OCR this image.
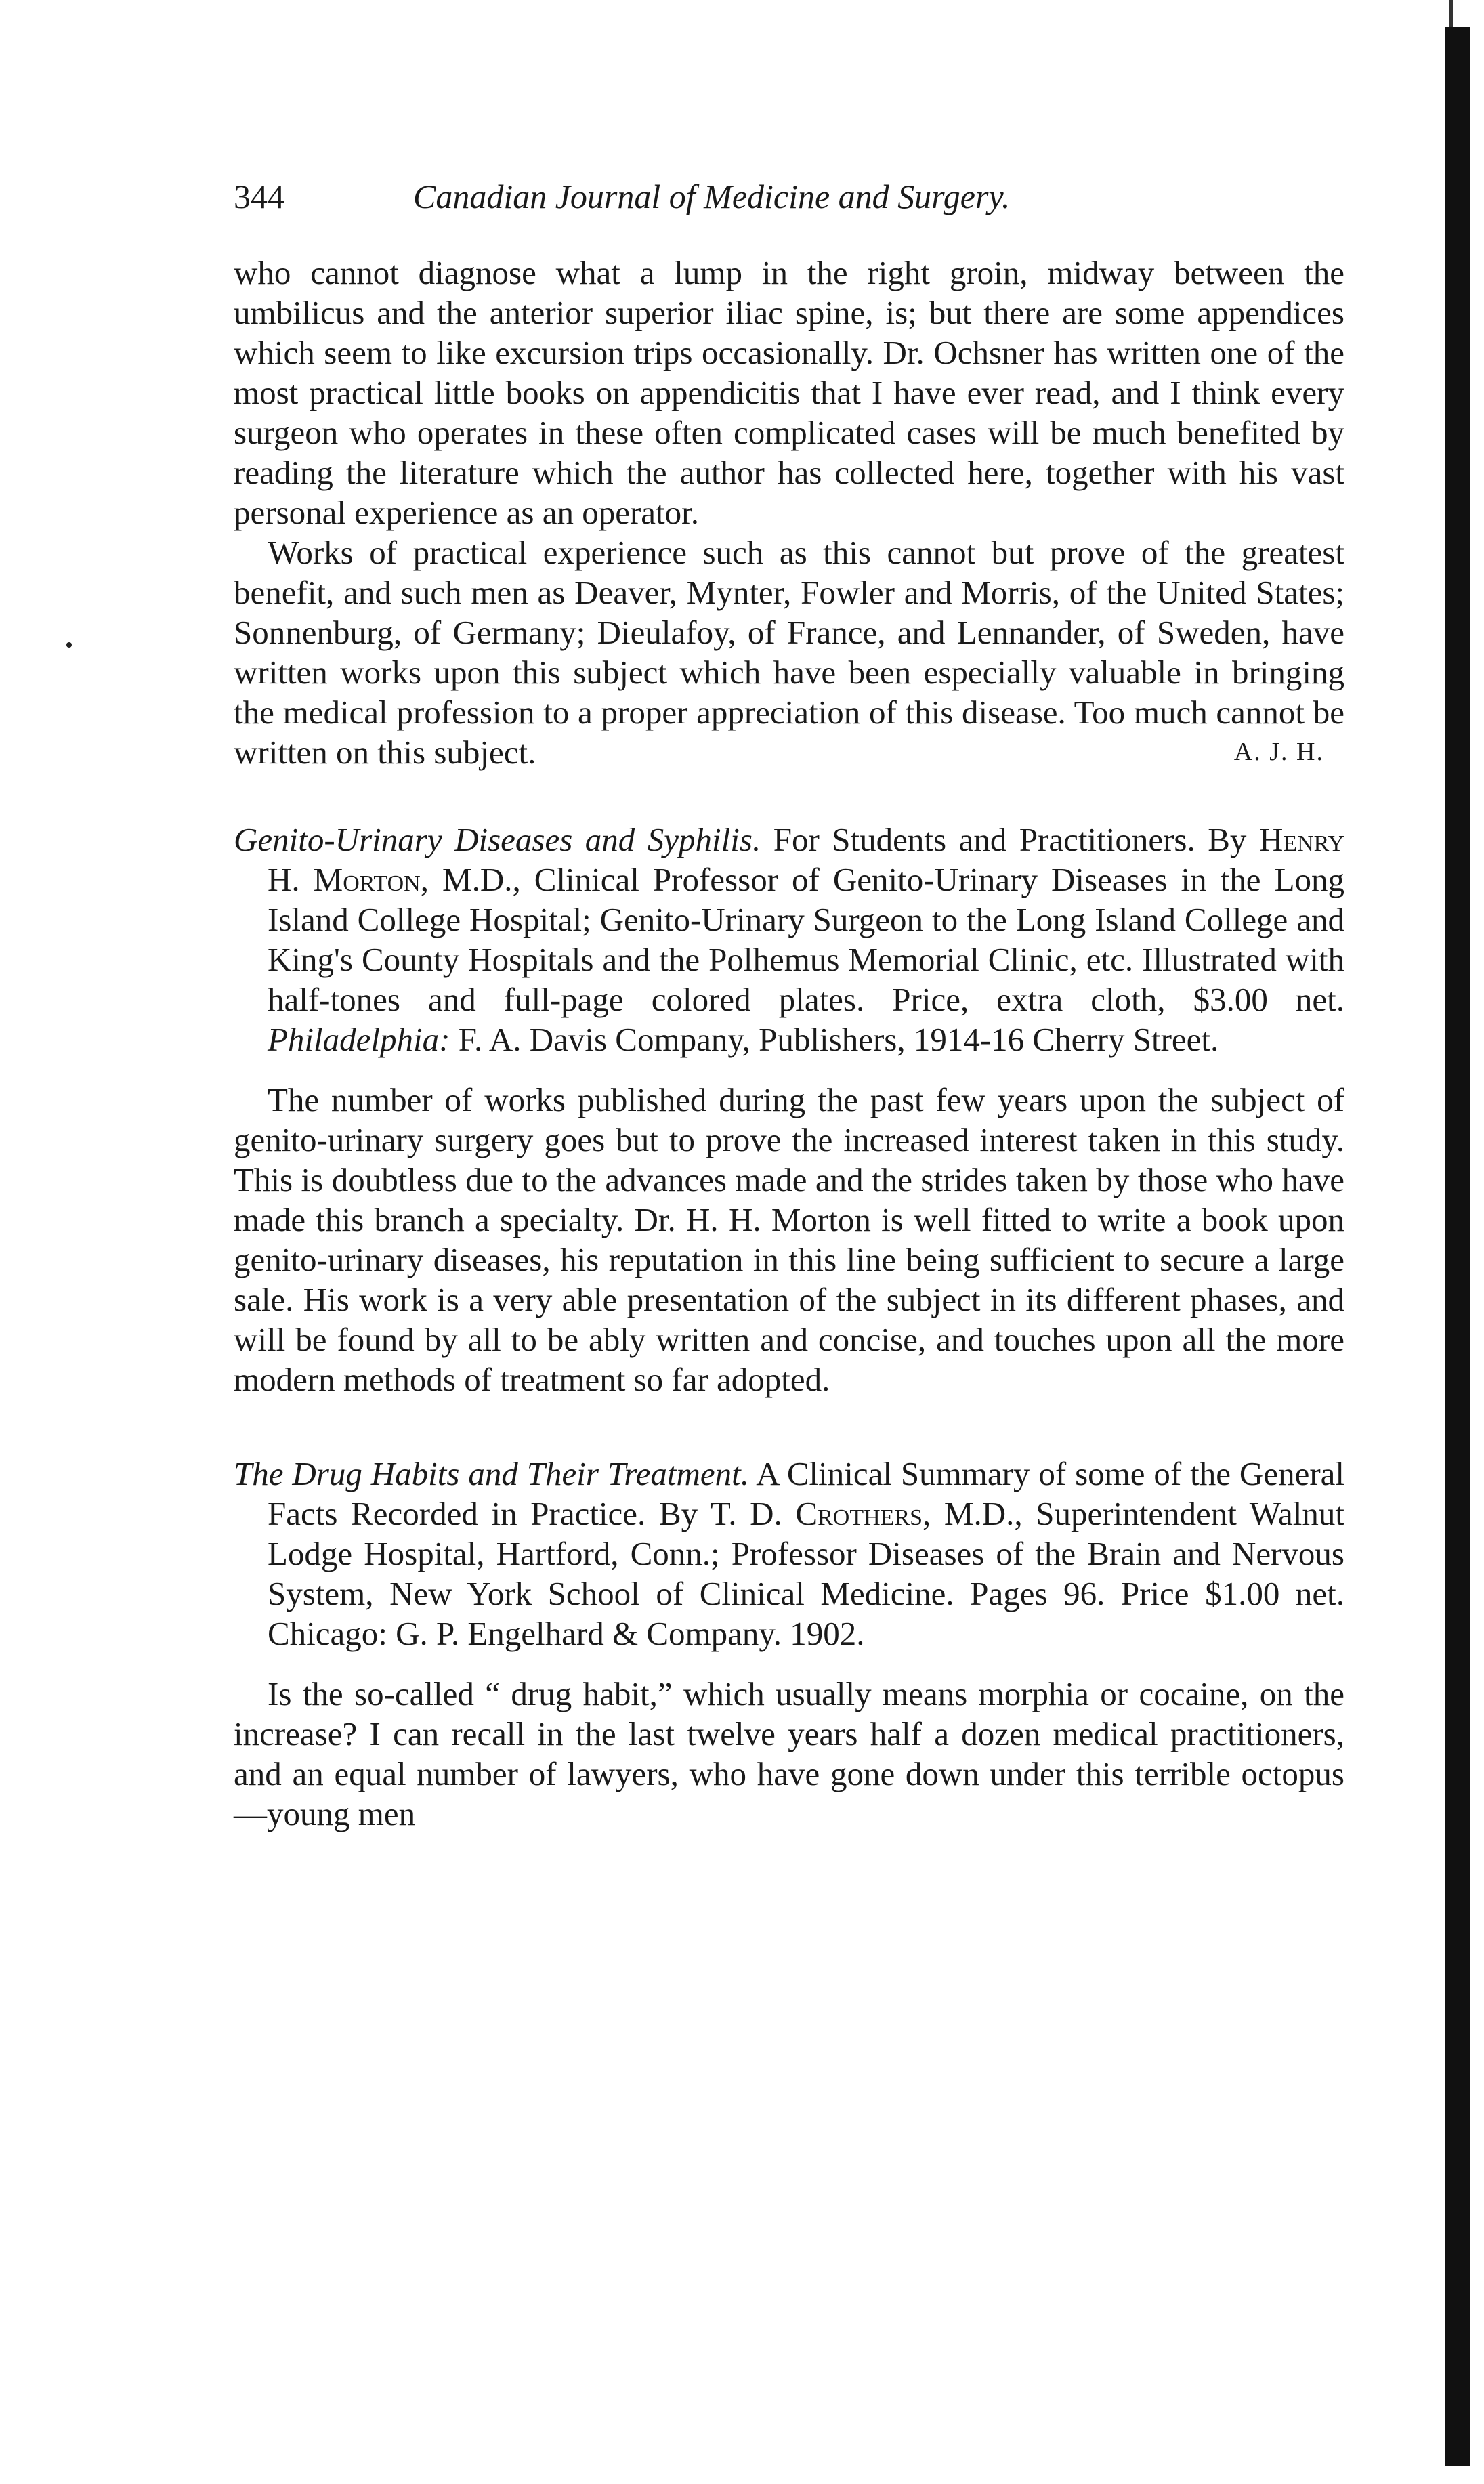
344	Canadian Journal of Medicine and Surgery.

who cannot diagnose what a lump in the right groin, midway between the umbilicus and the anterior superior iliac spine, is; but there are some appendices which seem to like excursion trips occasionally. Dr. Ochsner has written one of the most practical little books on appendicitis that I have ever read, and I think every surgeon who operates in these often complicated cases will be much benefited by reading the literature which the author has collected here, together with his vast personal experience as an operator.

Works of practical experience such as this cannot but prove of the greatest benefit, and such men as Deaver, Mynter, Fowler and Morris, of the United States; Sonnenburg, of Germany; Dieulafoy, of France, and Lennander, of Sweden, have written works upon this subject which have been especially valuable in bringing the medical profession to a proper appreciation of this disease. Too much cannot be written on this subject.	A. J. H.

Genito-Urinary Diseases and Syphilis. For Students and Practitioners. By Henry H. Morton, M.D., Clinical Professor of Genito-Urinary Diseases in the Long Island College Hospital; Genito-Urinary Surgeon to the Long Island College and King's County Hospitals and the Polhemus Memorial Clinic, etc. Illustrated with half-tones and full-page colored plates. Price, extra cloth, $3.00 net. Philadelphia: F. A. Davis Company, Publishers, 1914-16 Cherry Street.

The number of works published during the past few years upon the subject of genito-urinary surgery goes but to prove the increased interest taken in this study. This is doubtless due to the advances made and the strides taken by those who have made this branch a specialty. Dr. H. H. Morton is well fitted to write a book upon genito-urinary diseases, his reputation in this line being sufficient to secure a large sale. His work is a very able presentation of the subject in its different phases, and will be found by all to be ably written and concise, and touches upon all the more modern methods of treatment so far adopted.

The Drug Habits and Their Treatment. A Clinical Summary of some of the General Facts Recorded in Practice. By T. D. Crothers, M.D., Superintendent Walnut Lodge Hospital, Hartford, Conn.; Professor Diseases of the Brain and Nervous System, New York School of Clinical Medicine. Pages 96. Price $1.00 net. Chicago: G. P. Engelhard & Company. 1902.

Is the so-called “ drug habit,” which usually means morphia or cocaine, on the increase? I can recall in the last twelve years half a dozen medical practitioners, and an equal number of lawyers, who have gone down under this terrible octopus—young men
